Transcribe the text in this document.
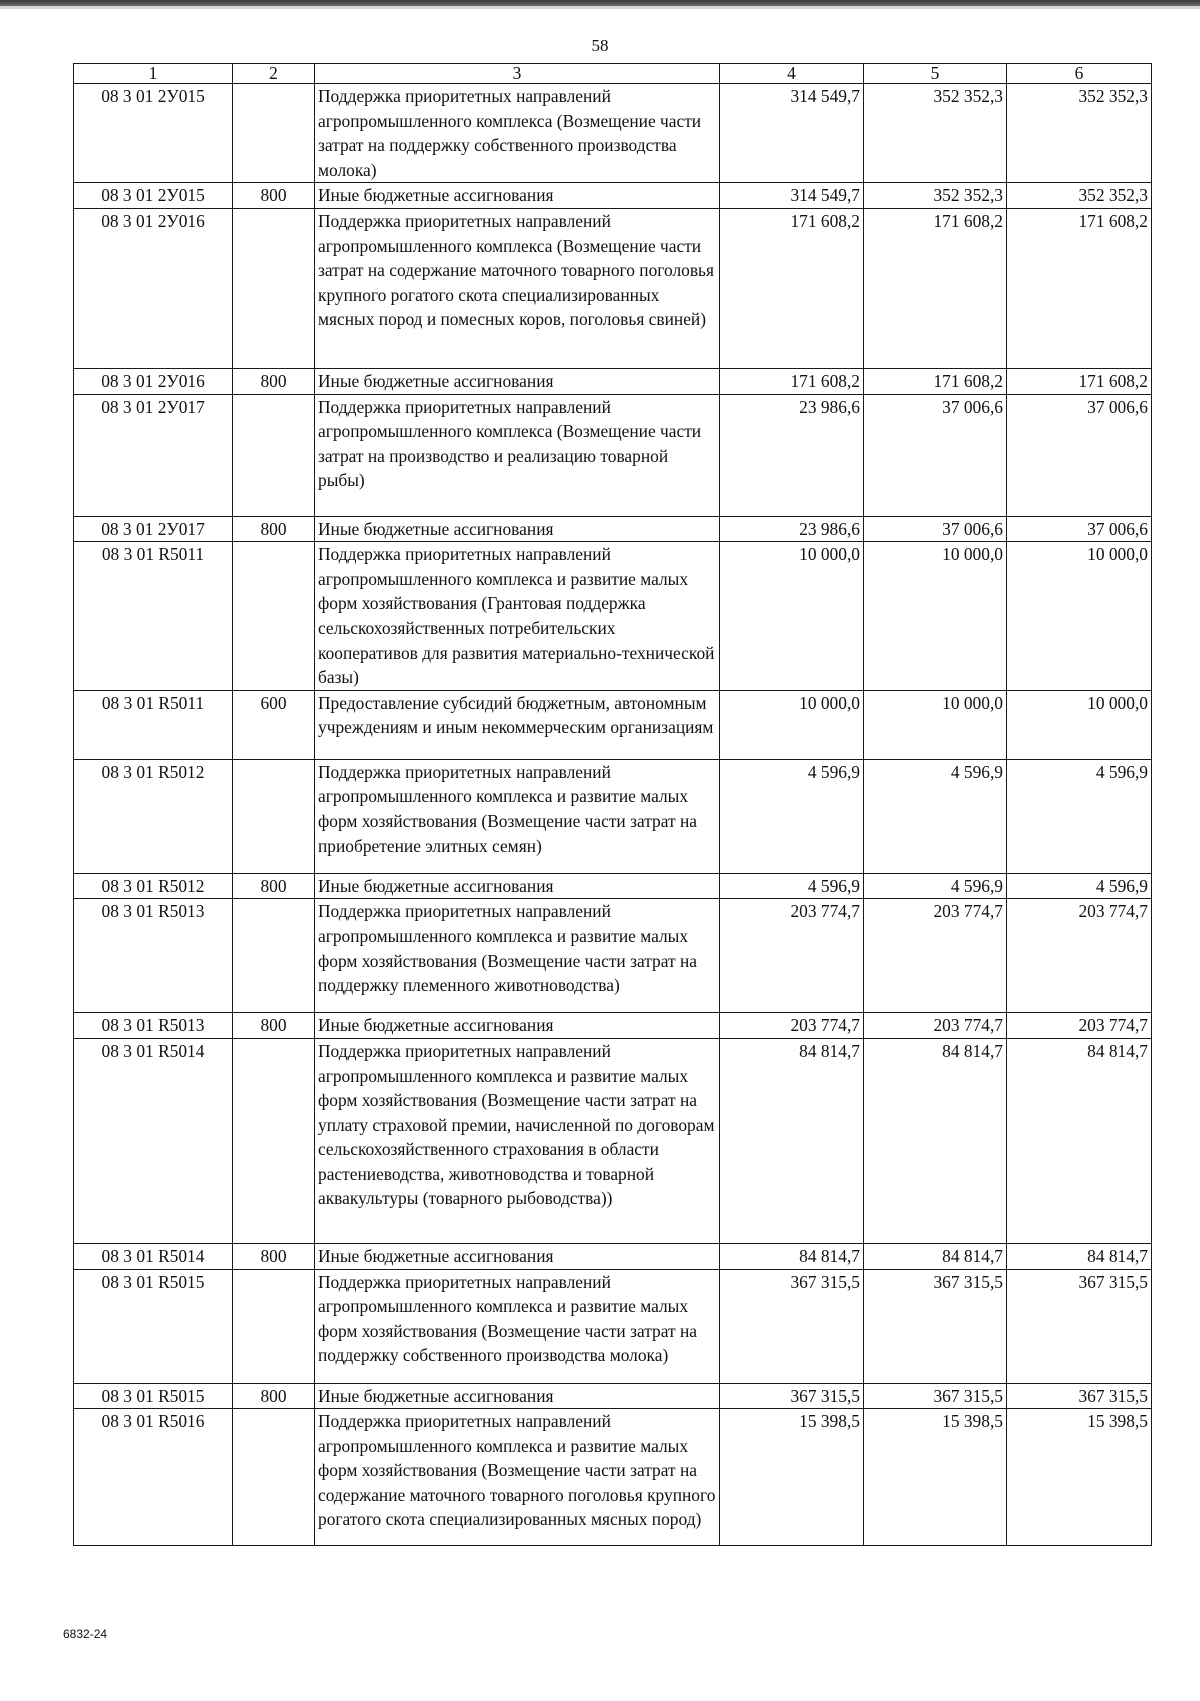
58
1	2	3	4	5	6
08 3 01 2У015		Поддержка приоритетных направлений агропромышленного комплекса (Возмещение части затрат на поддержку собственного производства молока)	314 549,7	352 352,3	352 352,3
08 3 01 2У015	800	Иные бюджетные ассигнования	314 549,7	352 352,3	352 352,3
08 3 01 2У016		Поддержка приоритетных направлений агропромышленного комплекса (Возмещение части затрат на содержание маточного товарного поголовья крупного рогатого скота специализированных мясных пород и помесных коров, поголовья свиней)	171 608,2	171 608,2	171 608,2
08 3 01 2У016	800	Иные бюджетные ассигнования	171 608,2	171 608,2	171 608,2
08 3 01 2У017		Поддержка приоритетных направлений агропромышленного комплекса (Возмещение части затрат на производство и реализацию товарной рыбы)	23 986,6	37 006,6	37 006,6
08 3 01 2У017	800	Иные бюджетные ассигнования	23 986,6	37 006,6	37 006,6
08 3 01 R5011		Поддержка приоритетных направлений агропромышленного комплекса и развитие малых форм хозяйствования (Грантовая поддержка сельскохозяйственных потребительских кооперативов для развития материально-технической базы)	10 000,0	10 000,0	10 000,0
08 3 01 R5011	600	Предоставление субсидий бюджетным, автономным учреждениям и иным некоммерческим организациям	10 000,0	10 000,0	10 000,0
08 3 01 R5012		Поддержка приоритетных направлений агропромышленного комплекса и развитие малых форм хозяйствования (Возмещение части затрат на приобретение элитных семян)	4 596,9	4 596,9	4 596,9
08 3 01 R5012	800	Иные бюджетные ассигнования	4 596,9	4 596,9	4 596,9
08 3 01 R5013		Поддержка приоритетных направлений агропромышленного комплекса и развитие малых форм хозяйствования (Возмещение части затрат на поддержку племенного животноводства)	203 774,7	203 774,7	203 774,7
08 3 01 R5013	800	Иные бюджетные ассигнования	203 774,7	203 774,7	203 774,7
08 3 01 R5014		Поддержка приоритетных направлений агропромышленного комплекса и развитие малых форм хозяйствования (Возмещение части затрат на уплату страховой премии, начисленной по договорам сельскохозяйственного страхования в области растениеводства, животноводства и товарной аквакультуры (товарного рыбоводства))	84 814,7	84 814,7	84 814,7
08 3 01 R5014	800	Иные бюджетные ассигнования	84 814,7	84 814,7	84 814,7
08 3 01 R5015		Поддержка приоритетных направлений агропромышленного комплекса и развитие малых форм хозяйствования (Возмещение части затрат на поддержку собственного производства молока)	367 315,5	367 315,5	367 315,5
08 3 01 R5015	800	Иные бюджетные ассигнования	367 315,5	367 315,5	367 315,5
08 3 01 R5016		Поддержка приоритетных направлений агропромышленного комплекса и развитие малых форм хозяйствования (Возмещение части затрат на содержание маточного товарного поголовья крупного рогатого скота специализированных мясных пород)	15 398,5	15 398,5	15 398,5
6832-24
